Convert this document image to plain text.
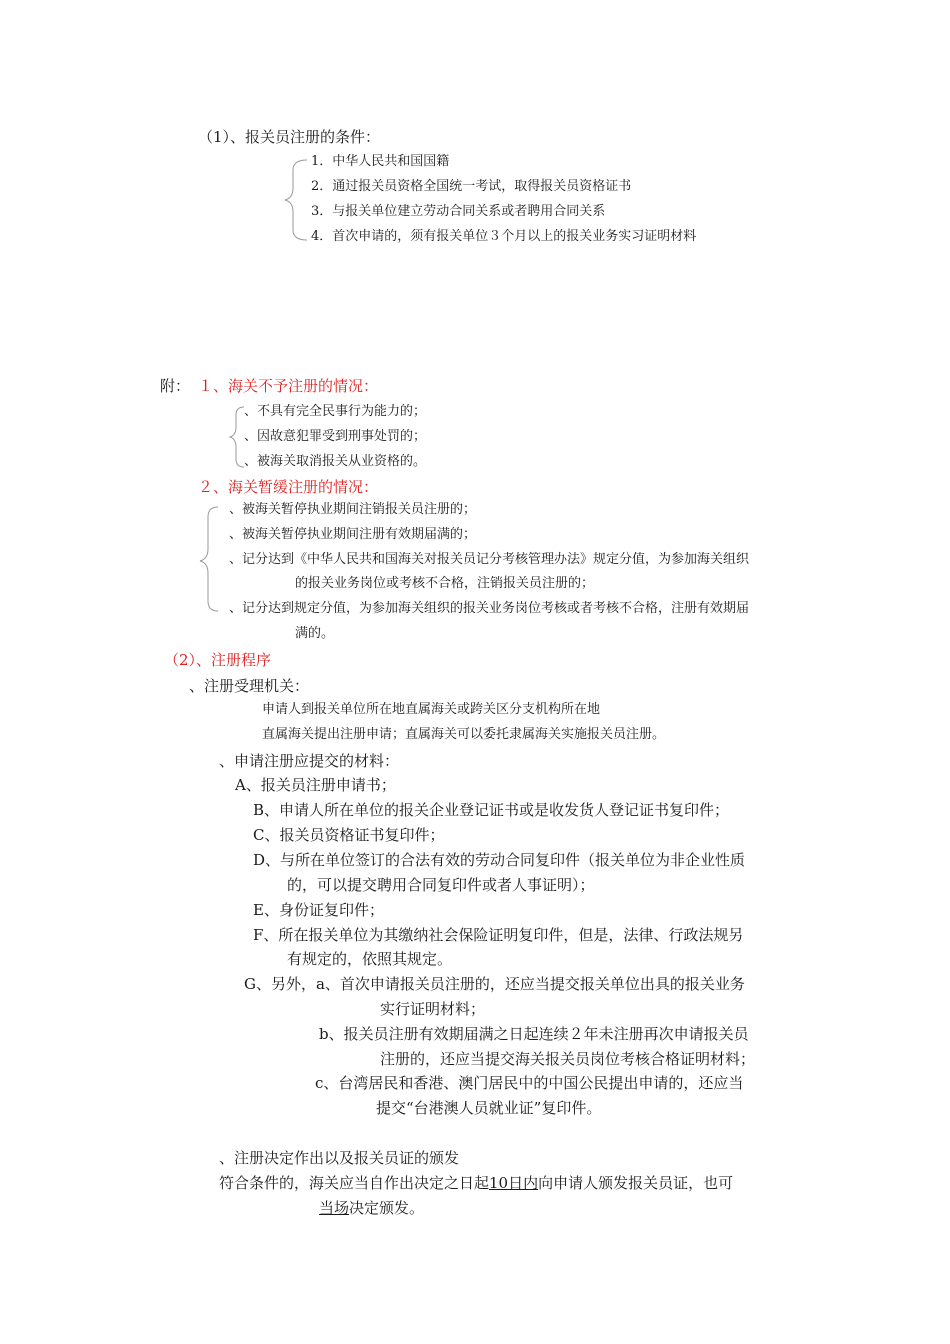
（1）、报关员注册的条件：
1．中华人民共和国国籍
2．通过报关员资格全国统一考试，取得报关员资格证书
3．与报关单位建立劳动合同关系或者聘用合同关系
4．首次申请的，须有报关单位３个月以上的报关业务实习证明材料
附： １、海关不予注册的情况：
、不具有完全民事行为能力的；
、因故意犯罪受到刑事处罚的；
、被海关取消报关从业资格的。
２、海关暂缓注册的情况：
、被海关暂停执业期间注销报关员注册的；
、被海关暂停执业期间注册有效期届满的；
、记分达到《中华人民共和国海关对报关员记分考核管理办法》规定分值，为参加海关组织
的报关业务岗位或考核不合格，注销报关员注册的；
、记分达到规定分值，为参加海关组织的报关业务岗位考核或者考核不合格，注册有效期届
满的。
（2）、注册程序
、注册受理机关：
申请人到报关单位所在地直属海关或跨关区分支机构所在地
直属海关提出注册申请；直属海关可以委托隶属海关实施报关员注册。
、申请注册应提交的材料：
A、报关员注册申请书；
B、申请人所在单位的报关企业登记证书或是收发货人登记证书复印件；
C、报关员资格证书复印件；
D、与所在单位签订的合法有效的劳动合同复印件（报关单位为非企业性质
的，可以提交聘用合同复印件或者人事证明）；
E、身份证复印件；
F、所在报关单位为其缴纳社会保险证明复印件，但是，法律、行政法规另
有规定的，依照其规定。
G、另外，a、首次申请报关员注册的，还应当提交报关单位出具的报关业务
实行证明材料；
b、报关员注册有效期届满之日起连续２年未注册再次申请报关员
注册的，还应当提交海关报关员岗位考核合格证明材料；
c、台湾居民和香港、澳门居民中的中国公民提出申请的，还应当
提交“台港澳人员就业证”复印件。
、注册决定作出以及报关员证的颁发
符合条件的，海关应当自作出决定之日起10日内向申请人颁发报关员证，也可
当场决定颁发。
